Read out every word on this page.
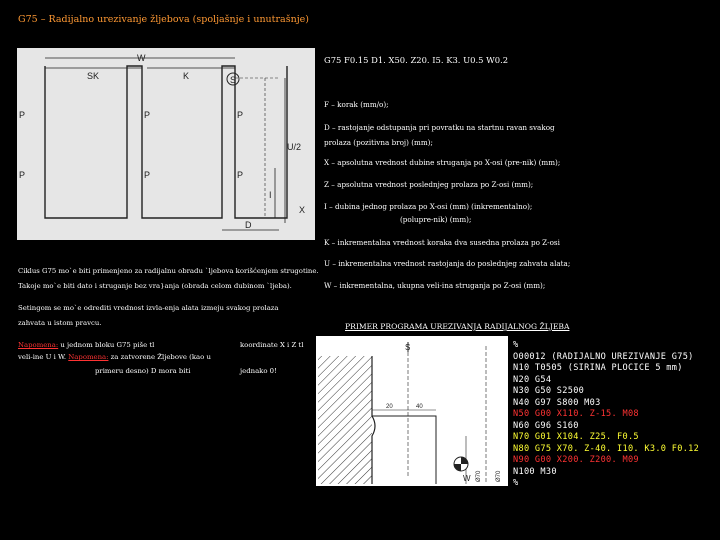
G75 – Radijalno urezivanje žljebova (spoljašnje i unutrašnje)
W
SK	K	S
P	P	P
P	P	P
U/2
I
X
D
G75 F0.15 D1. X50. Z20. I5. K3. U0.5 W0.2
F – korak (mm/o);
D – rastojanje odstupanja pri povratku na startnu ravan svakog
prolaza (pozitivna broj) (mm);
X – apsolutna vrednost dubine struganja po X-osi (pre-nik) (mm);
Z – apsolutna vrednost poslednjeg prolaza po Z-osi (mm);
I – dubina jednog prolaza po X-osi (mm) (inkrementalno);
(polupre-nik) (mm);
K – inkrementalna vrednost koraka dva susedna prolaza po Z-osi
U – inkrementalna vrednost rastojanja do poslednjeg zahvata alata;
W – inkrementalna, ukupna veli-ina struganja po Z-osi (mm);
Ciklus G75 mo`e biti primenjeno za radijalnu obradu `ljebova korišćenjem strugotine.
Takoje mo`e biti dato i struganje bez vra}anja (obrada celom dubinom `ljeba).
Setingom se mo`e odrediti vrednost izvla-enja alata izmeju svakog prolaza
zahvata u istom pravcu.
Napomena: u jednom bloku G75 piše tl	koordinate X i Z tl
veli-ine U i W. Napomena: za zatvorene Žljebove (kao u
primeru desno) D mora biti	jednako 0!
PRIMER PROGRAMA UREZIVANJA RADIJALNOG ŽLJEBA
S
20	40
W Ø70 Ø70
%
O00012 (RADIJALNO UREZIVANJE G75)
N10 T0505 (SIRINA PLOCICE 5 mm)
N20 G54
N30 G50 S2500
N40 G97 S800 M03
N50 G00 X110. Z-15. M08
N60 G96 S160
N70 G01 X104. Z25. F0.5
N80 G75 X70. Z-40. I10. K3.0 F0.12
N90 G00 X200. Z200. M09
N100 M30
%
